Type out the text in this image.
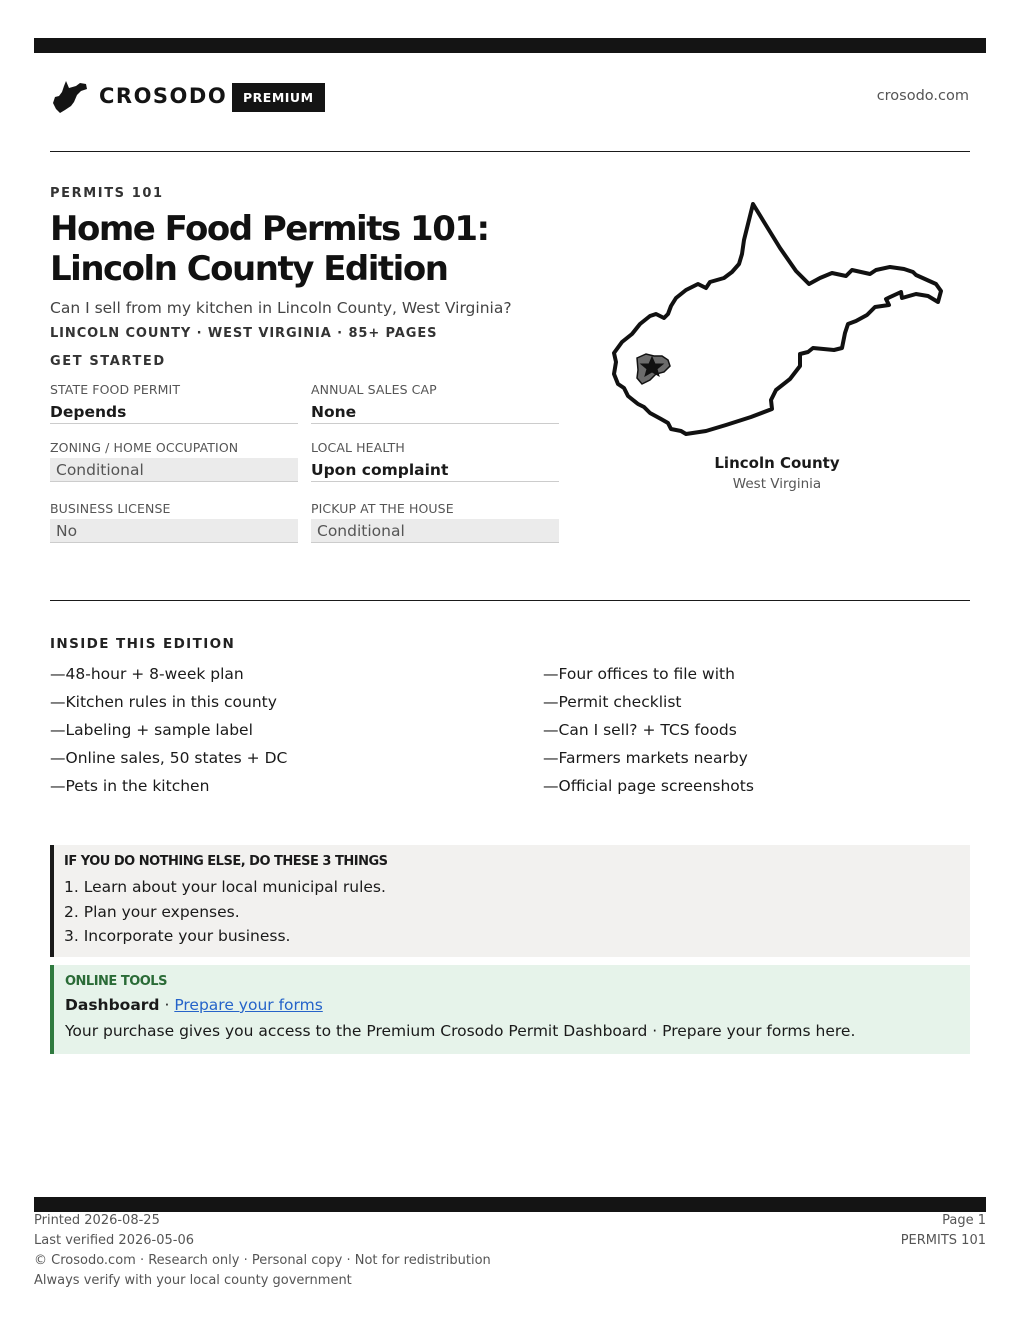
CROSODO	PREMIUM	crosodo.com
PERMITS 101
Home Food Permits 101: Lincoln County Edition
Can I sell from my kitchen in Lincoln County, West Virginia?
LINCOLN COUNTY · WEST VIRGINIA · 85+ PAGES
GET STARTED
STATE FOOD PERMIT
Depends
ANNUAL SALES CAP
None
ZONING / HOME OCCUPATION
Conditional
LOCAL HEALTH
Upon complaint
BUSINESS LICENSE
No
PICKUP AT THE HOUSE
Conditional
Lincoln County
West Virginia
INSIDE THIS EDITION
—48-hour + 8-week plan
—Kitchen rules in this county
—Labeling + sample label
—Online sales, 50 states + DC
—Pets in the kitchen
—Four offices to file with
—Permit checklist
—Can I sell? + TCS foods
—Farmers markets nearby
—Official page screenshots
IF YOU DO NOTHING ELSE, DO THESE 3 THINGS
1. Learn about your local municipal rules.
2. Plan your expenses.
3. Incorporate your business.
ONLINE TOOLS
Dashboard · Prepare your forms
Your purchase gives you access to the Premium Crosodo Permit Dashboard · Prepare your forms here.
Printed 2026-08-25
Last verified 2026-05-06
© Crosodo.com · Research only · Personal copy · Not for redistribution
Always verify with your local county government
Page 1
PERMITS 101
